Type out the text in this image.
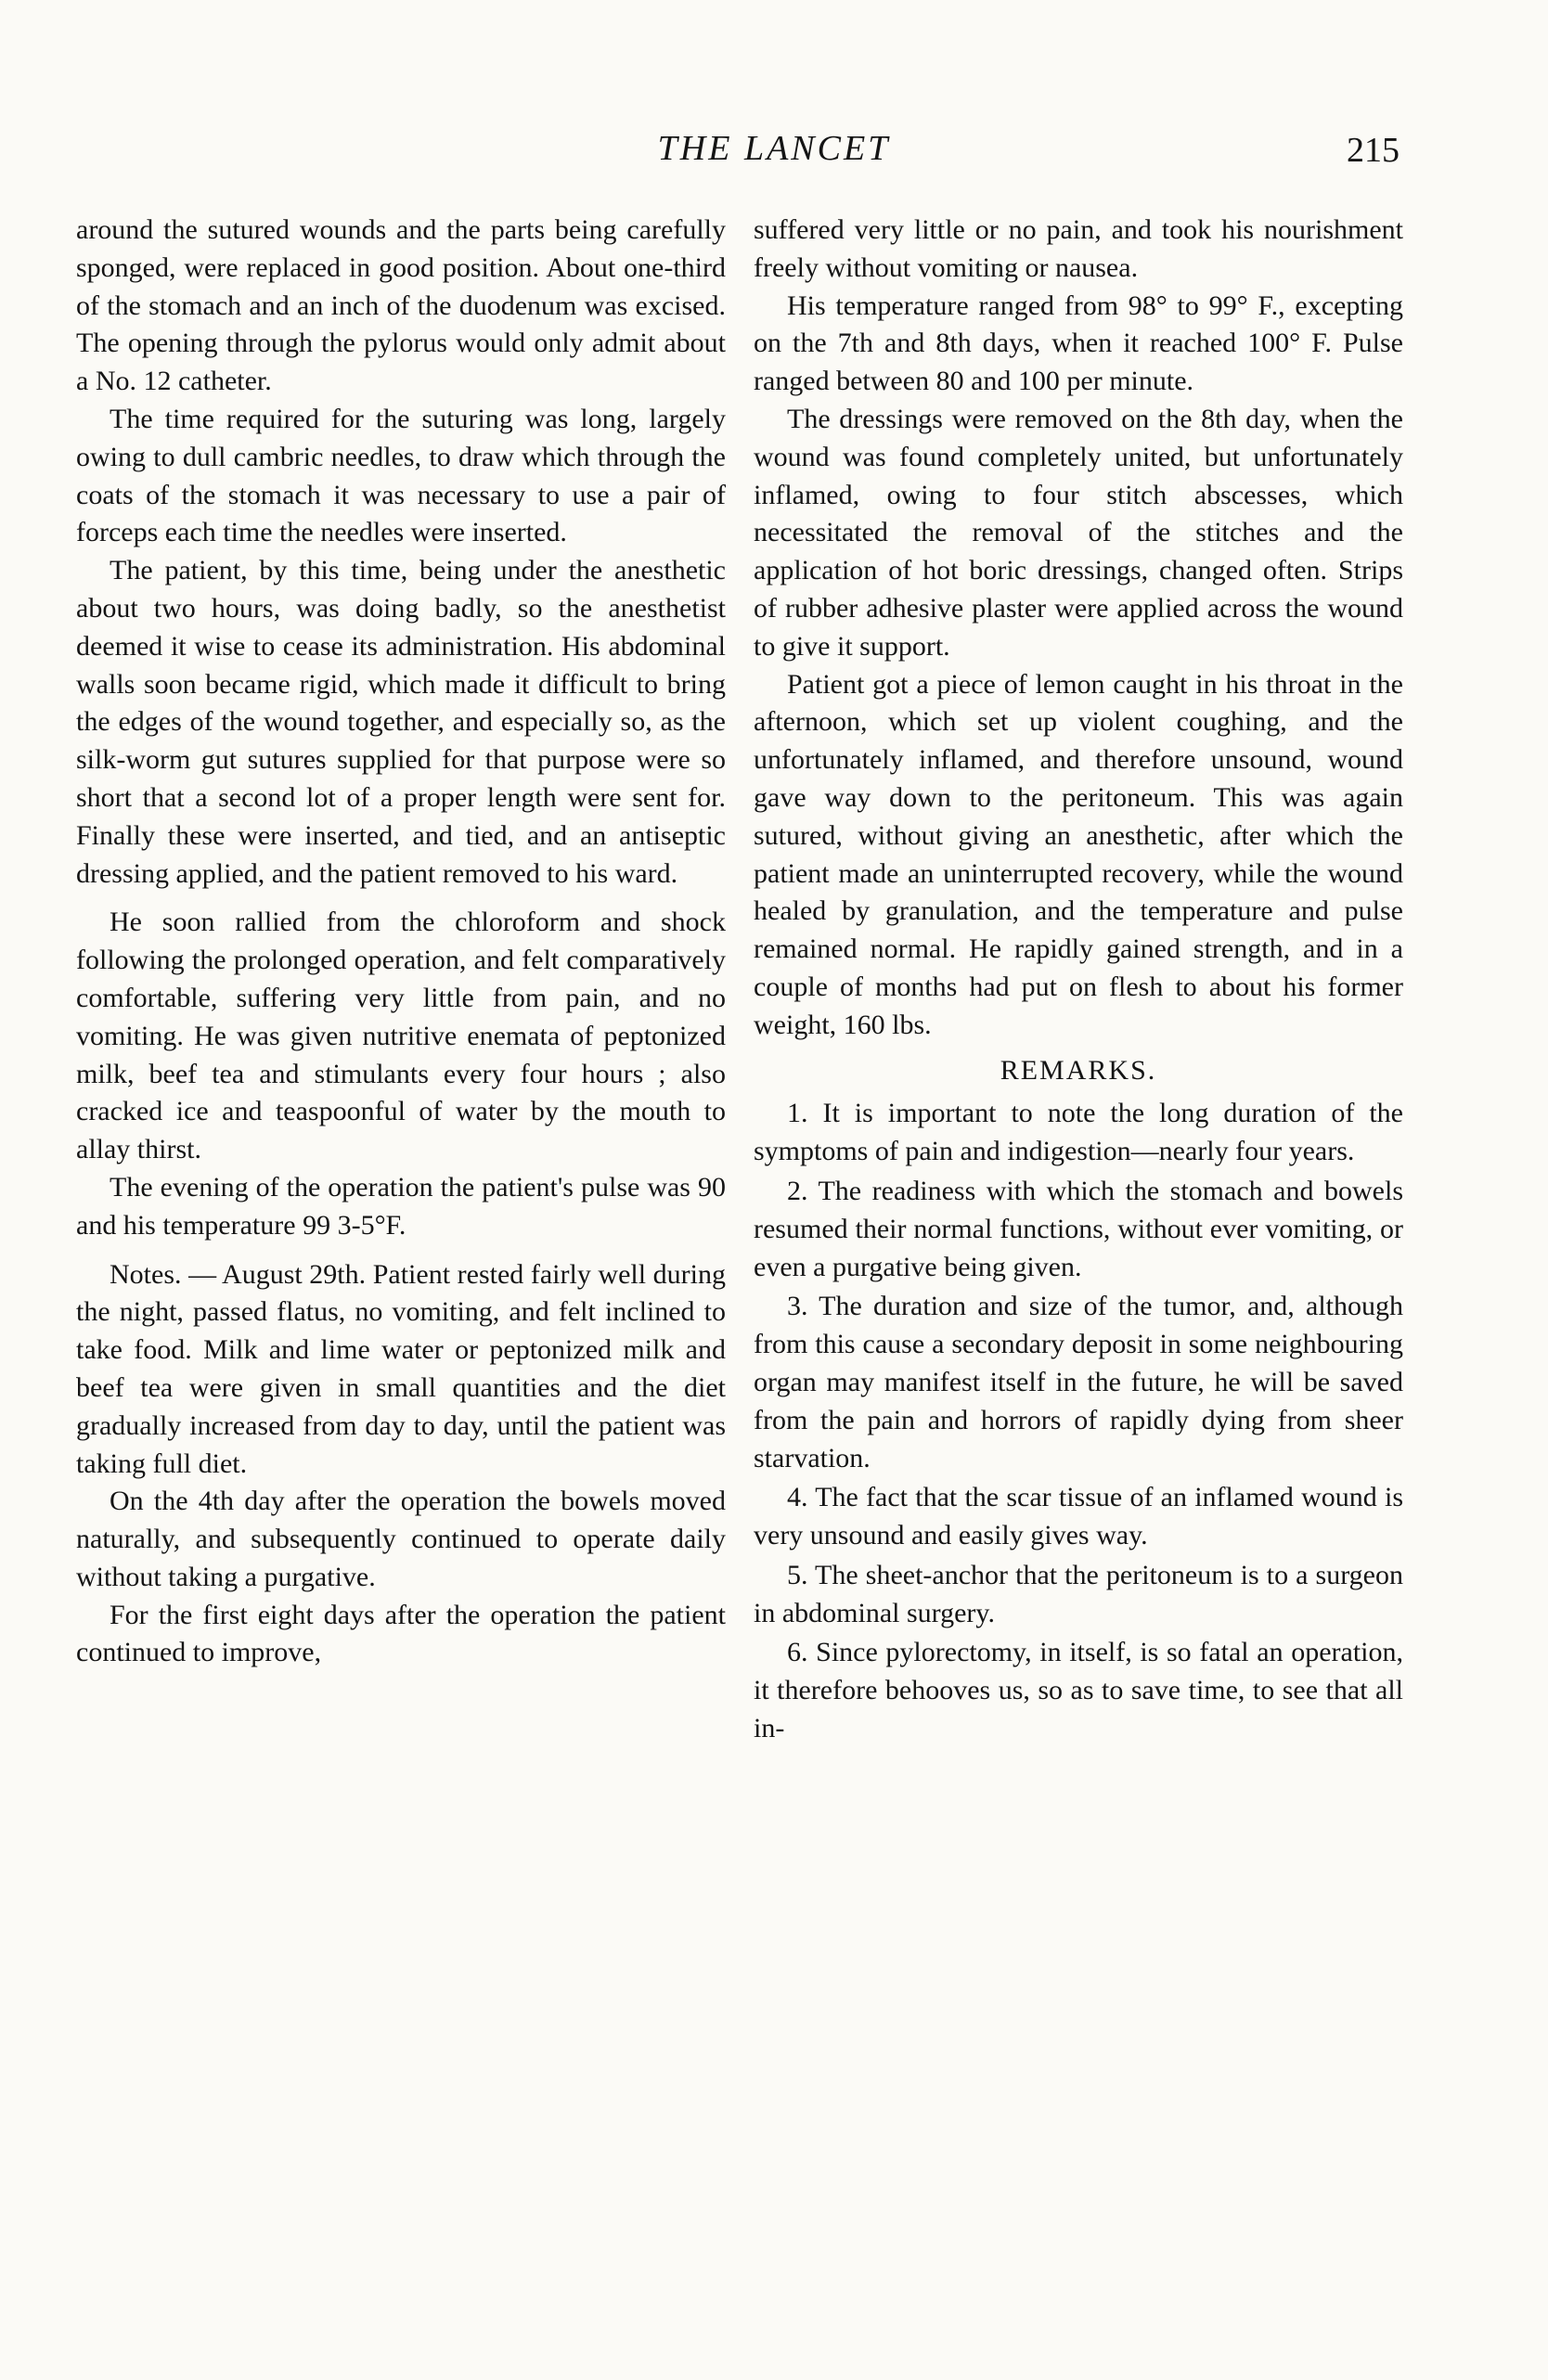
THE LANCET	215

around the sutured wounds and the parts being carefully sponged, were replaced in good position. About one-third of the stomach and an inch of the duodenum was excised. The opening through the pylorus would only admit about a No. 12 catheter.

The time required for the suturing was long, largely owing to dull cambric needles, to draw which through the coats of the stomach it was necessary to use a pair of forceps each time the needles were inserted.

The patient, by this time, being under the anesthetic about two hours, was doing badly, so the anesthetist deemed it wise to cease its administration. His abdominal walls soon became rigid, which made it difficult to bring the edges of the wound together, and especially so, as the silk-worm gut sutures supplied for that purpose were so short that a second lot of a proper length were sent for. Finally these were inserted, and tied, and an antiseptic dressing applied, and the patient removed to his ward.

He soon rallied from the chloroform and shock following the prolonged operation, and felt comparatively comfortable, suffering very little from pain, and no vomiting. He was given nutritive enemata of peptonized milk, beef tea and stimulants every four hours ; also cracked ice and teaspoonful of water by the mouth to allay thirst.

The evening of the operation the patient's pulse was 90 and his temperature 99 3-5°F.

Notes. — August 29th. Patient rested fairly well during the night, passed flatus, no vomiting, and felt inclined to take food. Milk and lime water or peptonized milk and beef tea were given in small quantities and the diet gradually increased from day to day, until the patient was taking full diet.

On the 4th day after the operation the bowels moved naturally, and subsequently continued to operate daily without taking a purgative.

For the first eight days after the operation the patient continued to improve,

suffered very little or no pain, and took his nourishment freely without vomiting or nausea.

His temperature ranged from 98° to 99° F., excepting on the 7th and 8th days, when it reached 100° F. Pulse ranged between 80 and 100 per minute.

The dressings were removed on the 8th day, when the wound was found completely united, but unfortunately inflamed, owing to four stitch abscesses, which necessitated the removal of the stitches and the application of hot boric dressings, changed often. Strips of rubber adhesive plaster were applied across the wound to give it support.

Patient got a piece of lemon caught in his throat in the afternoon, which set up violent coughing, and the unfortunately inflamed, and therefore unsound, wound gave way down to the peritoneum. This was again sutured, without giving an anesthetic, after which the patient made an uninterrupted recovery, while the wound healed by granulation, and the temperature and pulse remained normal. He rapidly gained strength, and in a couple of months had put on flesh to about his former weight, 160 lbs.

REMARKS.

1. It is important to note the long duration of the symptoms of pain and indigestion—nearly four years.

2. The readiness with which the stomach and bowels resumed their normal functions, without ever vomiting, or even a purgative being given.

3. The duration and size of the tumor, and, although from this cause a secondary deposit in some neighbouring organ may manifest itself in the future, he will be saved from the pain and horrors of rapidly dying from sheer starvation.

4. The fact that the scar tissue of an inflamed wound is very unsound and easily gives way.

5. The sheet-anchor that the peritoneum is to a surgeon in abdominal surgery.

6. Since pylorectomy, in itself, is so fatal an operation, it therefore behooves us, so as to save time, to see that all in-
